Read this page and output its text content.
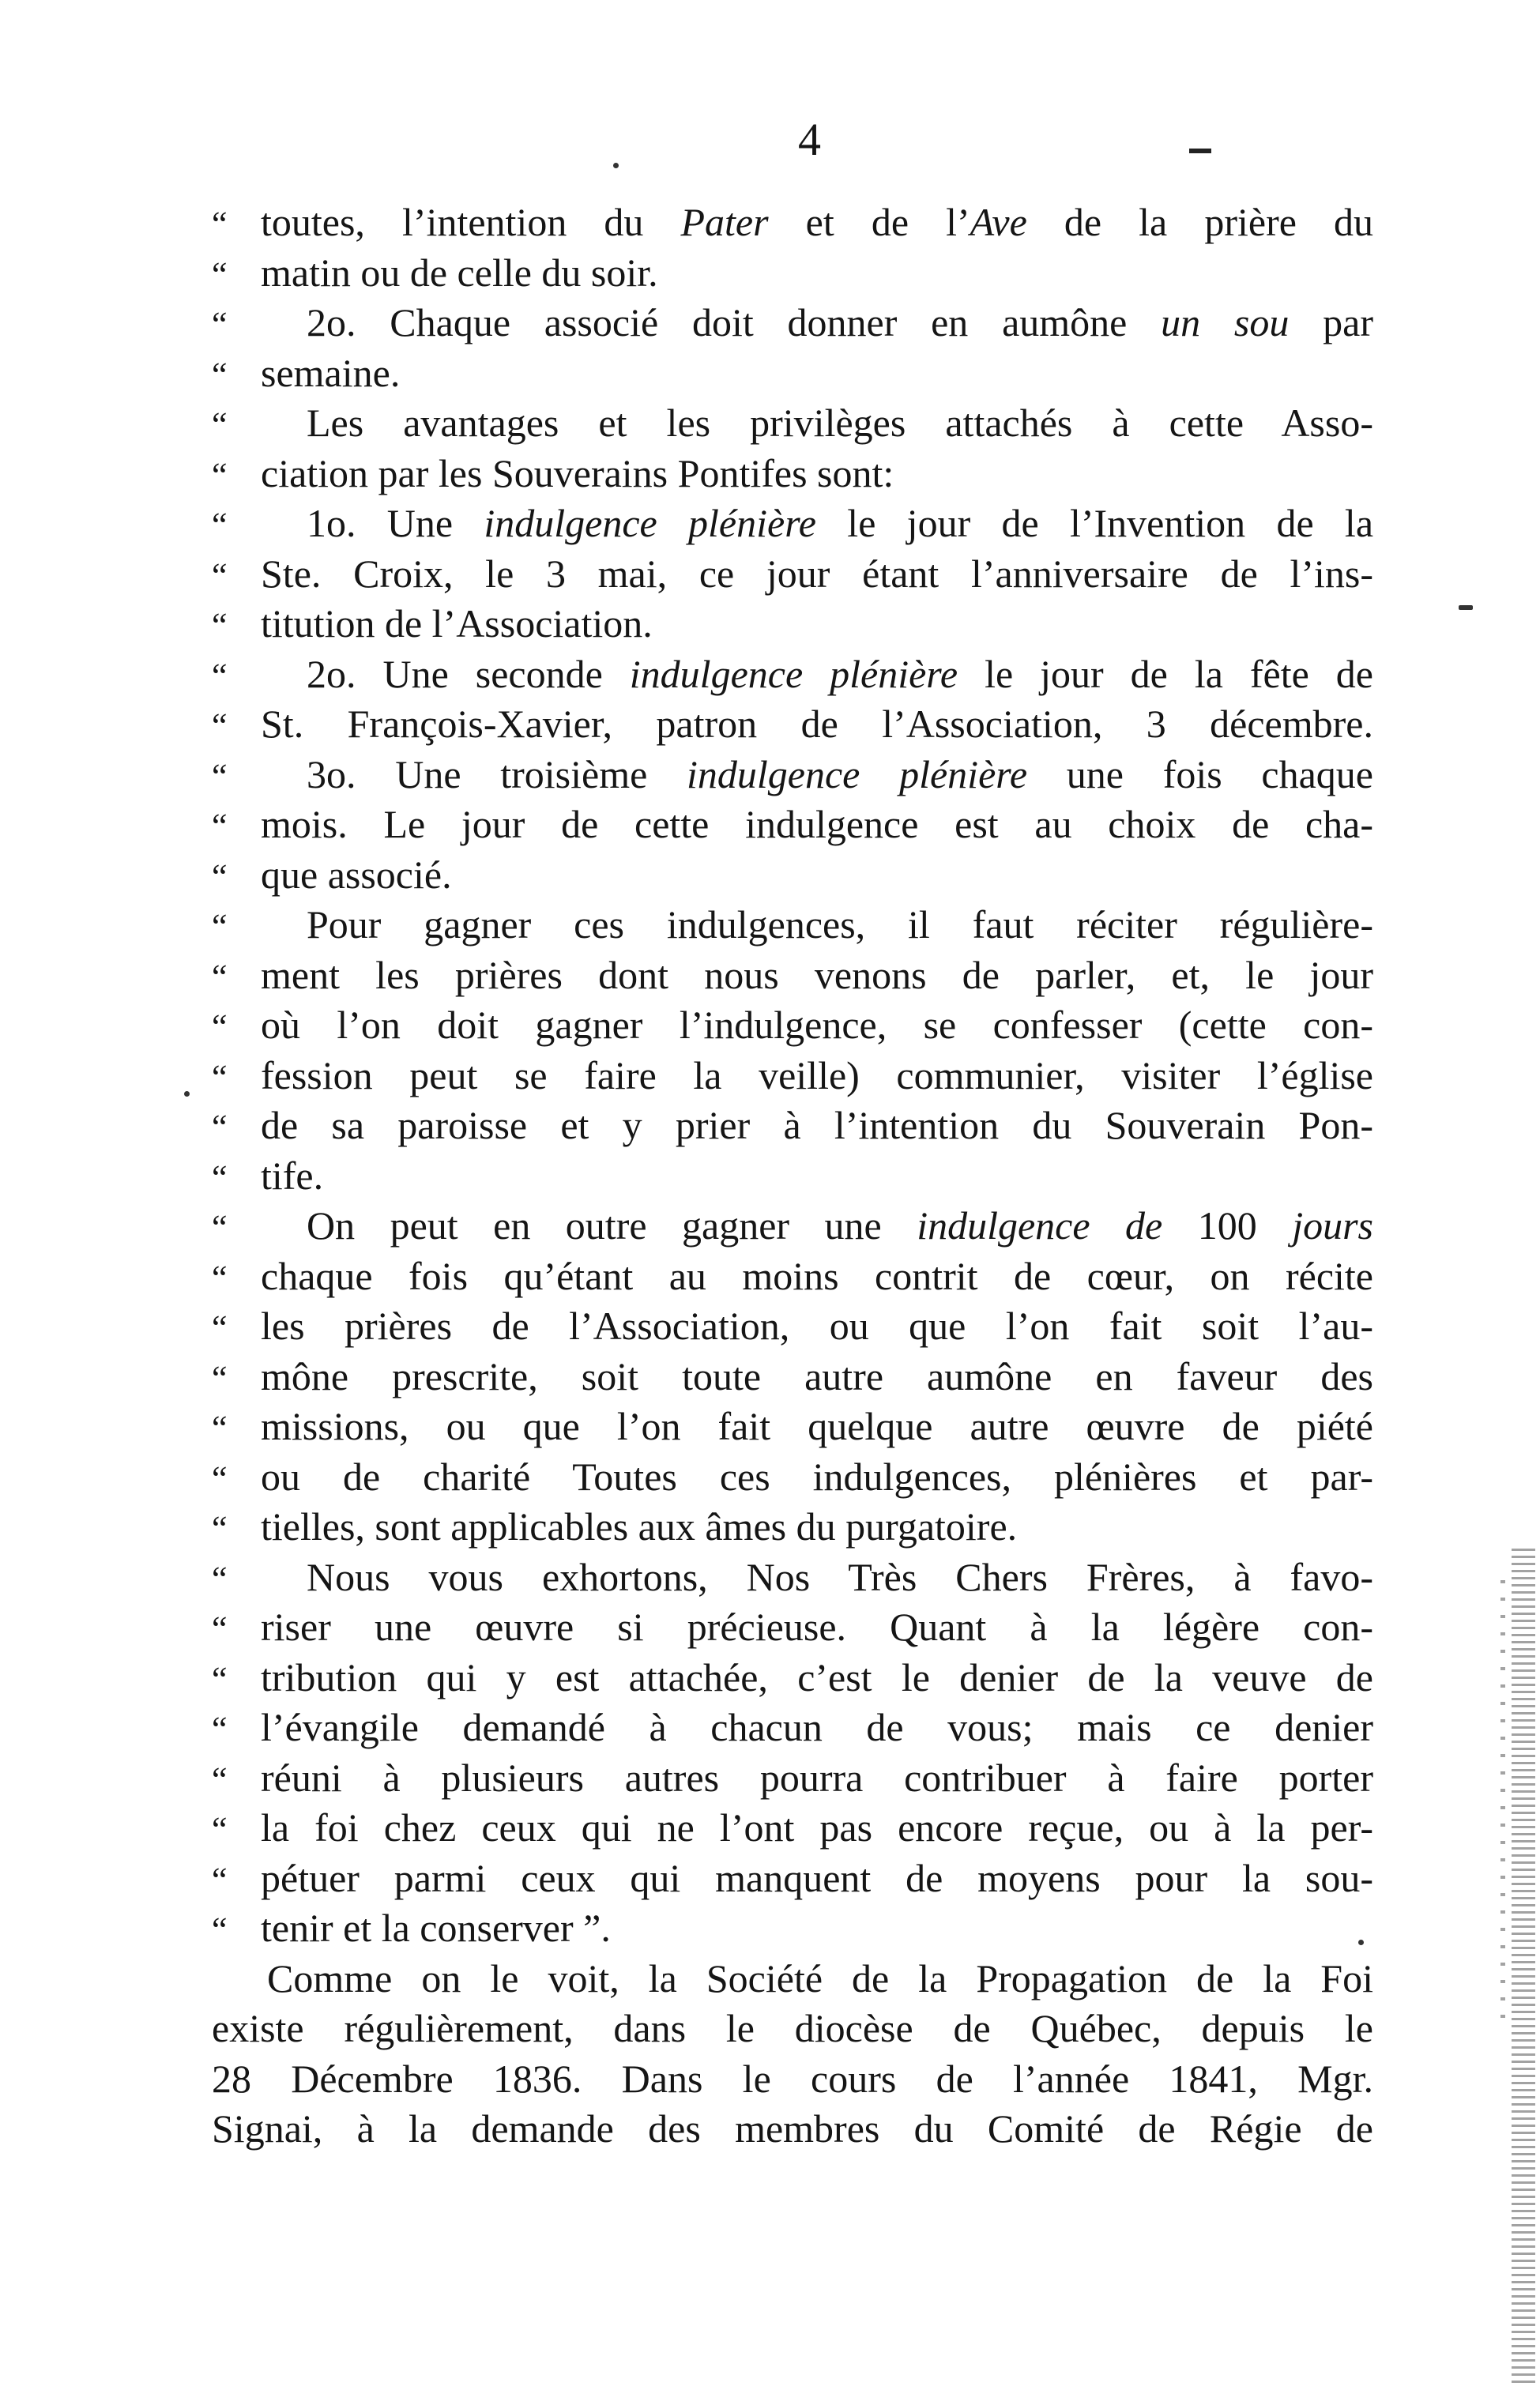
4
“ toutes, l’intention du Pater et de l’Ave de la prière du
“ matin ou de celle du soir.
“ 2o. Chaque associé doit donner en aumône un sou par
“ semaine.
“ Les avantages et les privilèges attachés à cette Asso-
“ ciation par les Souverains Pontifes sont:
“ 1o. Une indulgence plénière le jour de l’Invention de la
“ Ste. Croix, le 3 mai, ce jour étant l’anniversaire de l’ins-
“ titution de l’Association.
“ 2o. Une seconde indulgence plénière le jour de la fête de
“ St. François-Xavier, patron de l’Association, 3 décembre.
“ 3o. Une troisième indulgence plénière une fois chaque
“ mois. Le jour de cette indulgence est au choix de cha-
“ que associé.
“ Pour gagner ces indulgences, il faut réciter régulière-
“ ment les prières dont nous venons de parler, et, le jour
“ où l’on doit gagner l’indulgence, se confesser (cette con-
“ fession peut se faire la veille) communier, visiter l’église
“ de sa paroisse et y prier à l’intention du Souverain Pon-
“ tife.
“ On peut en outre gagner une indulgence de 100 jours
“ chaque fois qu’étant au moins contrit de cœur, on récite
“ les prières de l’Association, ou que l’on fait soit l’au-
“ mône prescrite, soit toute autre aumône en faveur des
“ missions, ou que l’on fait quelque autre œuvre de piété
“ ou de charité Toutes ces indulgences, plénières et par-
“ tielles, sont applicables aux âmes du purgatoire.
“ Nous vous exhortons, Nos Très Chers Frères, à favo-
“ riser une œuvre si précieuse. Quant à la légère con-
“ tribution qui y est attachée, c’est le denier de la veuve de
“ l’évangile demandé à chacun de vous; mais ce denier
“ réuni à plusieurs autres pourra contribuer à faire porter
“ la foi chez ceux qui ne l’ont pas encore reçue, ou à la per-
“ pétuer parmi ceux qui manquent de moyens pour la sou-
“ tenir et la conserver ”.
Comme on le voit, la Société de la Propagation de la Foi
existe régulièrement, dans le diocèse de Québec, depuis le
28 Décembre 1836. Dans le cours de l’année 1841, Mgr.
Signai, à la demande des membres du Comité de Régie de
